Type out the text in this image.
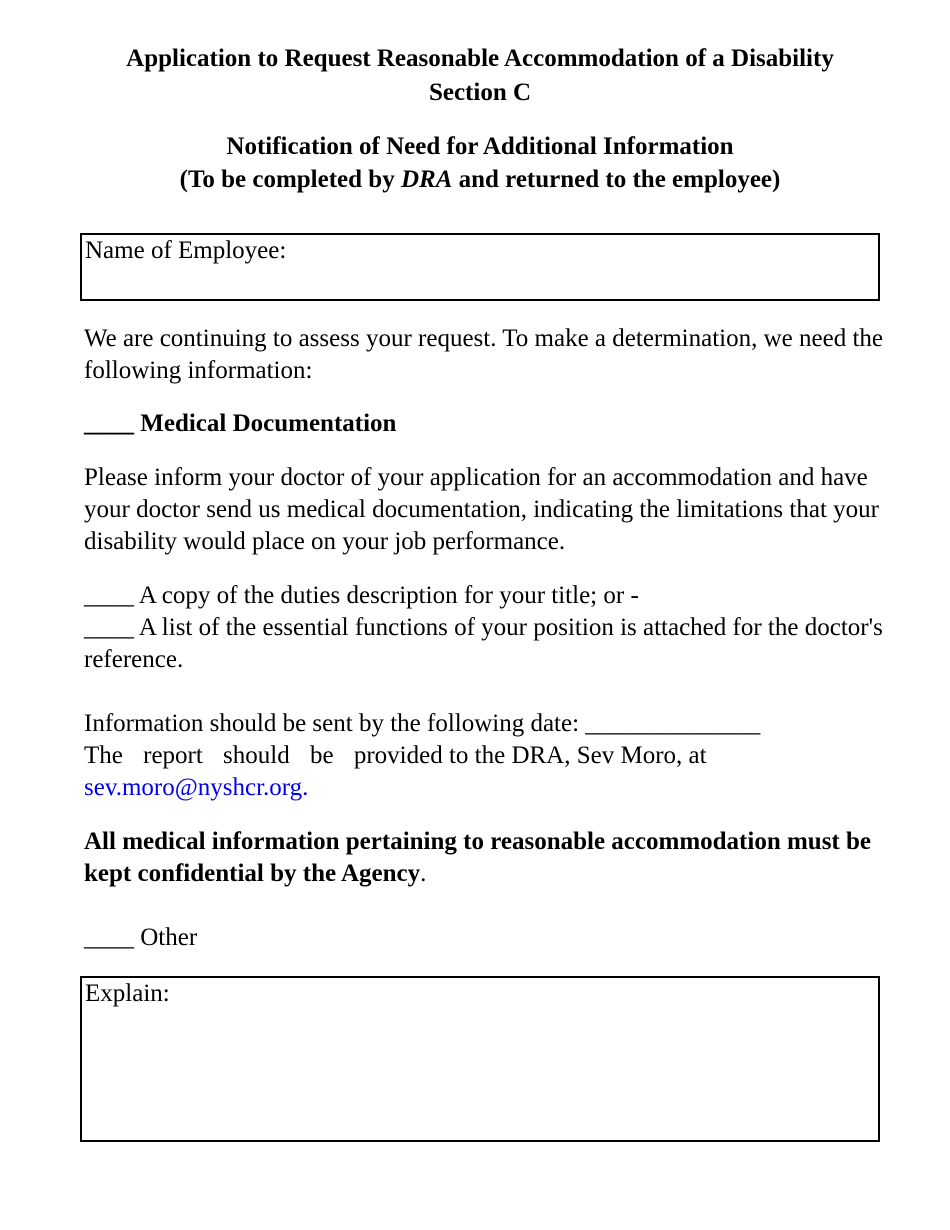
Application to Request Reasonable Accommodation of a Disability
Section C
Notification of Need for Additional Information
(To be completed by DRA and returned to the employee)
Name of Employee:
We are continuing to assess your request. To make a determination, we need the following information:
____ Medical Documentation
Please inform your doctor of your application for an accommodation and have your doctor send us medical documentation, indicating the limitations that your disability would place on your job performance.
____ A copy of the duties description for your title; or -
____ A list of the essential functions of your position is attached for the doctor's reference.
Information should be sent by the following date: ______________
The report should be provided to the DRA, Sev Moro, at
sev.moro@nyshcr.org.
All medical information pertaining to reasonable accommodation must be kept confidential by the Agency.
____ Other
Explain:
